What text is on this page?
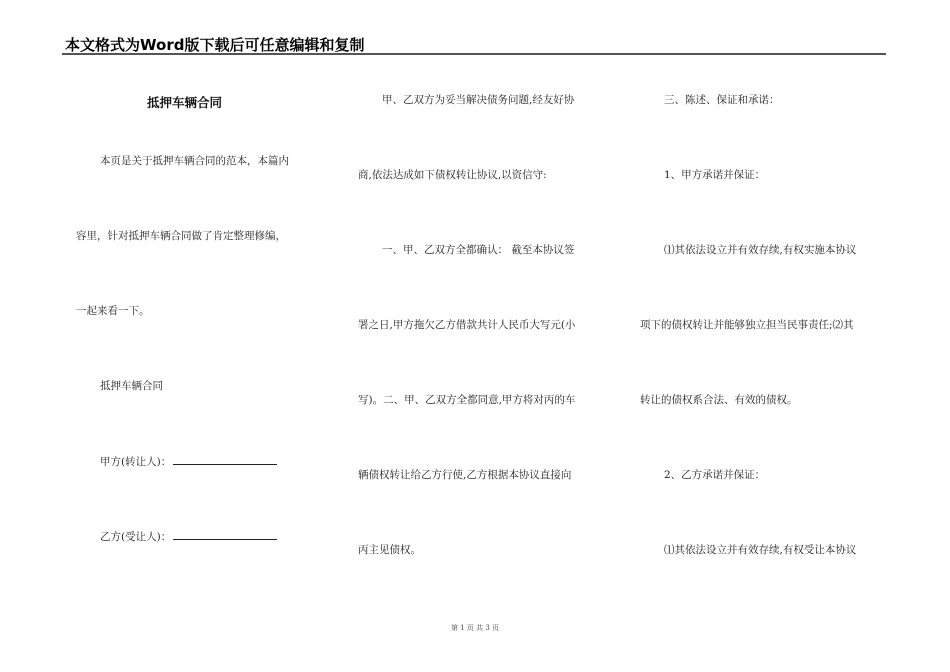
本文格式为Word版下载后可任意编辑和复制
抵押车辆合同
本页是关于抵押车辆合同的范本，本篇内
容里，针对抵押车辆合同做了肯定整理修编，
一起来看一下。
抵押车辆合同
甲方(转让人)：
乙方(受让人)：
甲、乙双方为妥当解决债务问题,经友好协
商,依法达成如下债权转让协议,以资信守:
一、甲、乙双方全都确认： 截至本协议签
署之日,甲方拖欠乙方借款共计人民币大写元(小
写)。二、甲、乙双方全都同意,甲方将对丙的车
辆债权转让给乙方行使,乙方根据本协议直接向
丙主见债权。
三、陈述、保证和承诺：
1、甲方承诺并保证：
⑴其依法设立并有效存续,有权实施本协议
项下的债权转让并能够独立担当民事责任;⑵其
转让的债权系合法、有效的债权。
2、乙方承诺并保证：
⑴其依法设立并有效存续,有权受让本协议
第 1 页 共 3 页
